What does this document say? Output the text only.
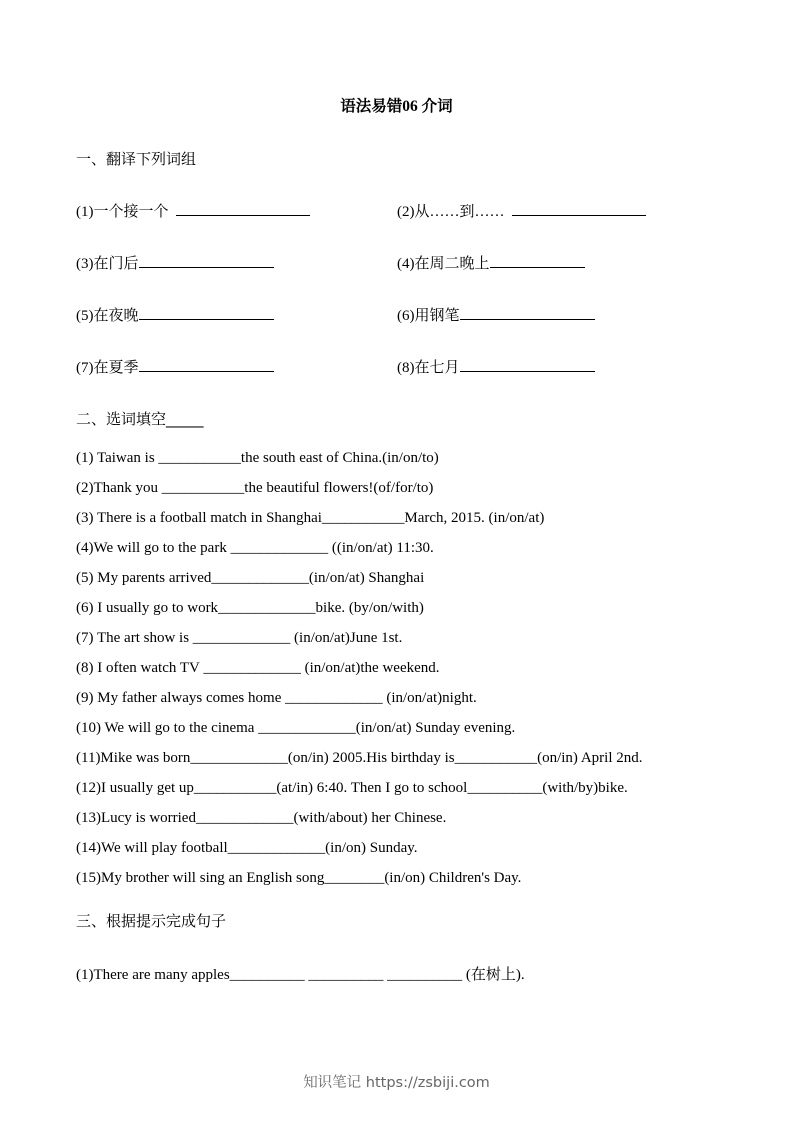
语法易错06 介词
一、翻译下列词组
(1)一个接一个	(2)从……到……
(3)在门后	(4)在周二晚上
(5)在夜晚	(6)用钢笔
(7)在夏季	(8)在七月
二、选词填空_____
(1) Taiwan is ___________the south east of China.(in/on/to)
(2)Thank you ___________the beautiful flowers!(of/for/to)
(3) There is a football match in Shanghai___________March, 2015. (in/on/at)
(4)We will go to the park _____________ ((in/on/at) 11:30.
(5) My parents arrived_____________(in/on/at) Shanghai
(6) I usually go to work_____________bike. (by/on/with)
(7) The art show is _____________ (in/on/at)June 1st.
(8) I often watch TV _____________ (in/on/at)the weekend.
(9) My father always comes home _____________ (in/on/at)night.
(10) We will go to the cinema _____________(in/on/at) Sunday evening.
(11)Mike was born_____________(on/in) 2005.His birthday is___________(on/in) April 2nd.
(12)I usually get up___________(at/in) 6:40. Then I go to school__________(with/by)bike.
(13)Lucy is worried_____________(with/about) her Chinese.
(14)We will play football_____________(in/on) Sunday.
(15)My brother will sing an English song________(in/on) Children's Day.
三、根据提示完成句子
(1)There are many apples__________ __________ __________ (在树上).
知识笔记 https://zsbiji.com
